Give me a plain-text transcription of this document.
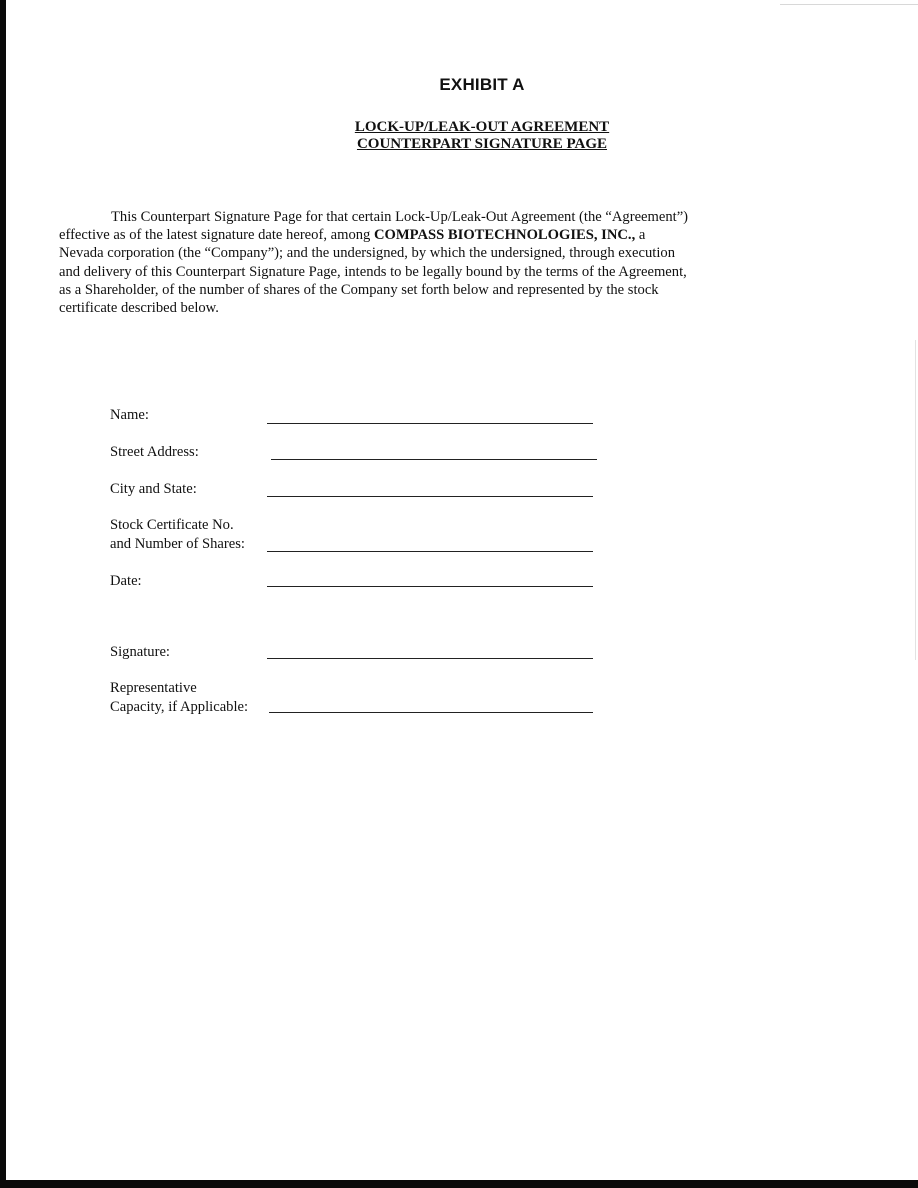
EXHIBIT A
LOCK-UP/LEAK-OUT AGREEMENT
COUNTERPART SIGNATURE PAGE
This Counterpart Signature Page for that certain Lock-Up/Leak-Out Agreement (the “Agreement”)
effective as of the latest signature date hereof, among COMPASS BIOTECHNOLOGIES, INC., a
Nevada corporation (the “Company”); and the undersigned, by which the undersigned, through execution
and delivery of this Counterpart Signature Page, intends to be legally bound by the terms of the Agreement,
as a Shareholder, of the number of shares of the Company set forth below and represented by the stock
certificate described below.
Name:
Street Address:
City and State:
Stock Certificate No.
and Number of Shares:
Date:
Signature:
Representative
Capacity, if Applicable:
